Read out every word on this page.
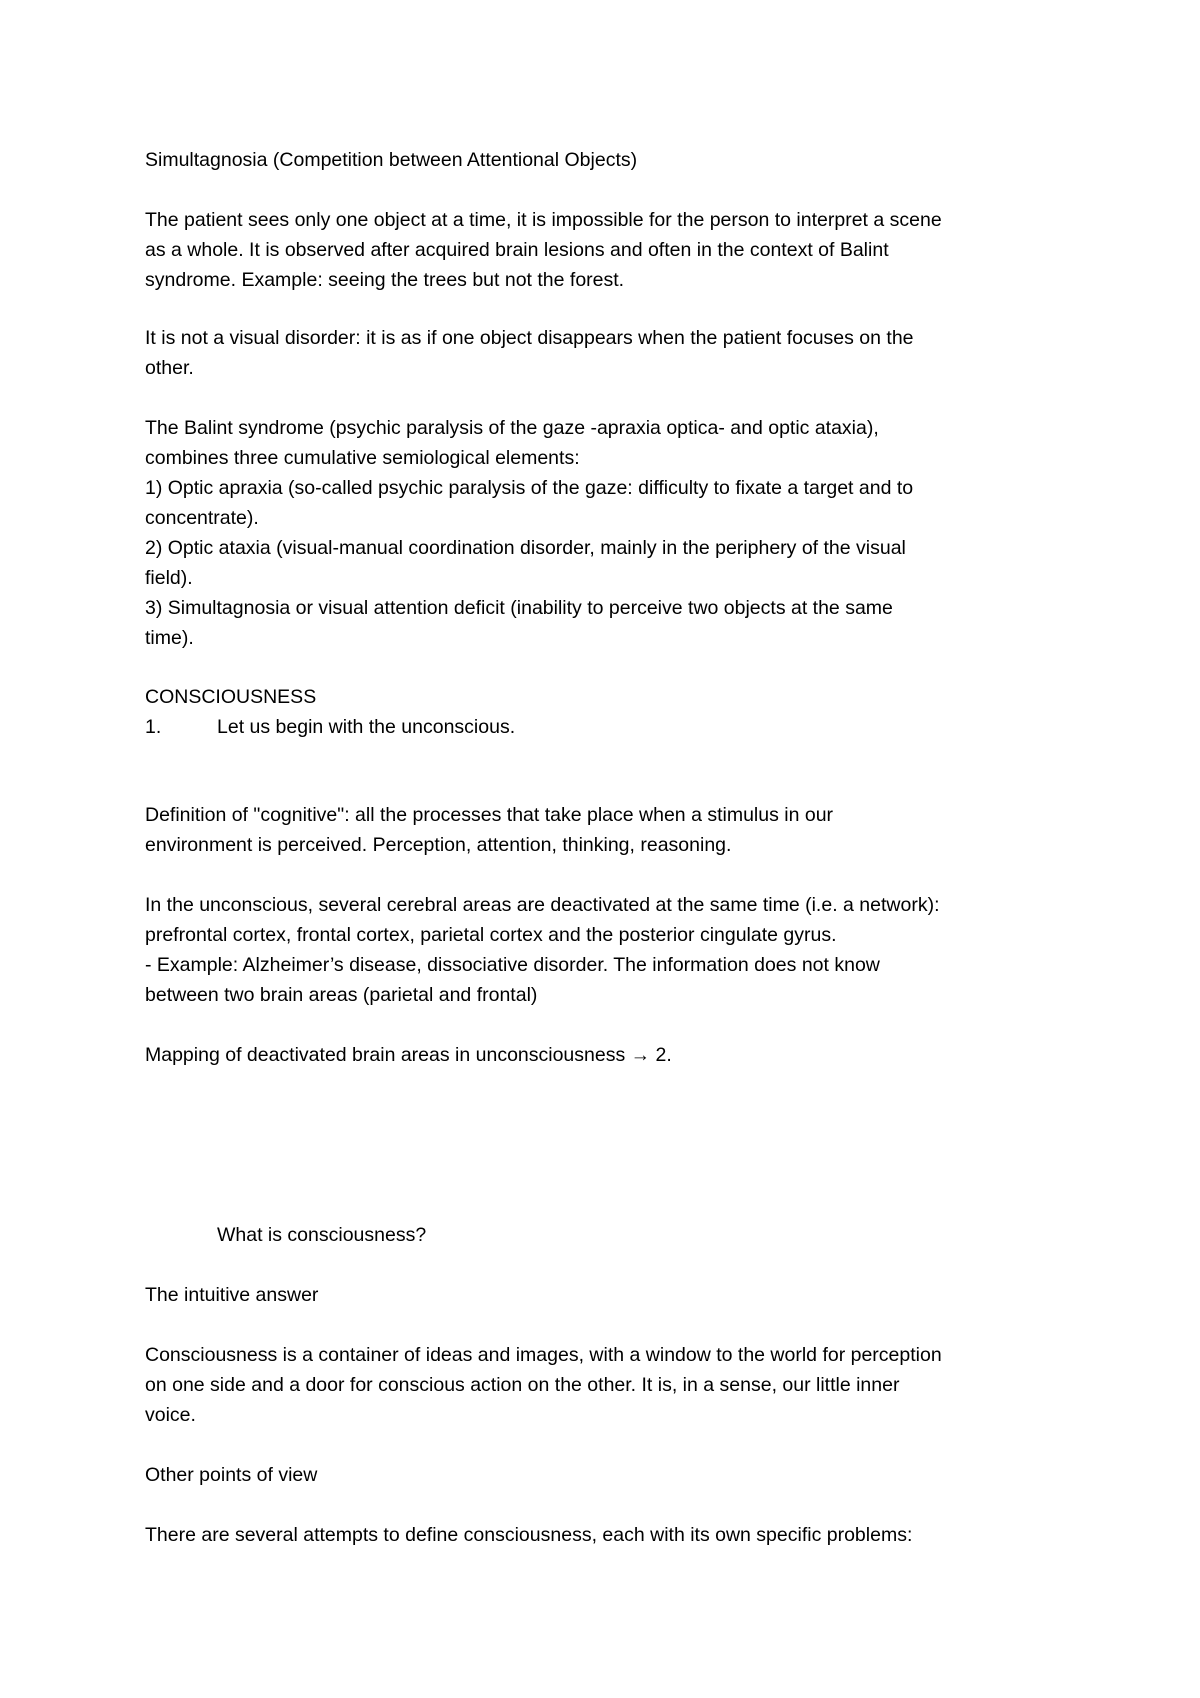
Simultagnosia (Competition between Attentional Objects)
The patient sees only one object at a time, it is impossible for the person to interpret a scene
as a whole. It is observed after acquired brain lesions and often in the context of Balint
syndrome. Example: seeing the trees but not the forest.
It is not a visual disorder: it is as if one object disappears when the patient focuses on the
other.
The Balint syndrome (psychic paralysis of the gaze -apraxia optica- and optic ataxia),
combines three cumulative semiological elements:
1) Optic apraxia (so-called psychic paralysis of the gaze: difficulty to fixate a target and to
concentrate).
2) Optic ataxia (visual-manual coordination disorder, mainly in the periphery of the visual
field).
3) Simultagnosia or visual attention deficit (inability to perceive two objects at the same
time).
CONSCIOUSNESS
1.	Let us begin with the unconscious.
Definition of "cognitive": all the processes that take place when a stimulus in our
environment is perceived. Perception, attention, thinking, reasoning.
In the unconscious, several cerebral areas are deactivated at the same time (i.e. a network):
prefrontal cortex, frontal cortex, parietal cortex and the posterior cingulate gyrus.
- Example: Alzheimer’s disease, dissociative disorder. The information does not know
between two brain areas (parietal and frontal)
Mapping of deactivated brain areas in unconsciousness → 2.
What is consciousness?
The intuitive answer
Consciousness is a container of ideas and images, with a window to the world for perception
on one side and a door for conscious action on the other. It is, in a sense, our little inner
voice.
Other points of view
There are several attempts to define consciousness, each with its own specific problems:
